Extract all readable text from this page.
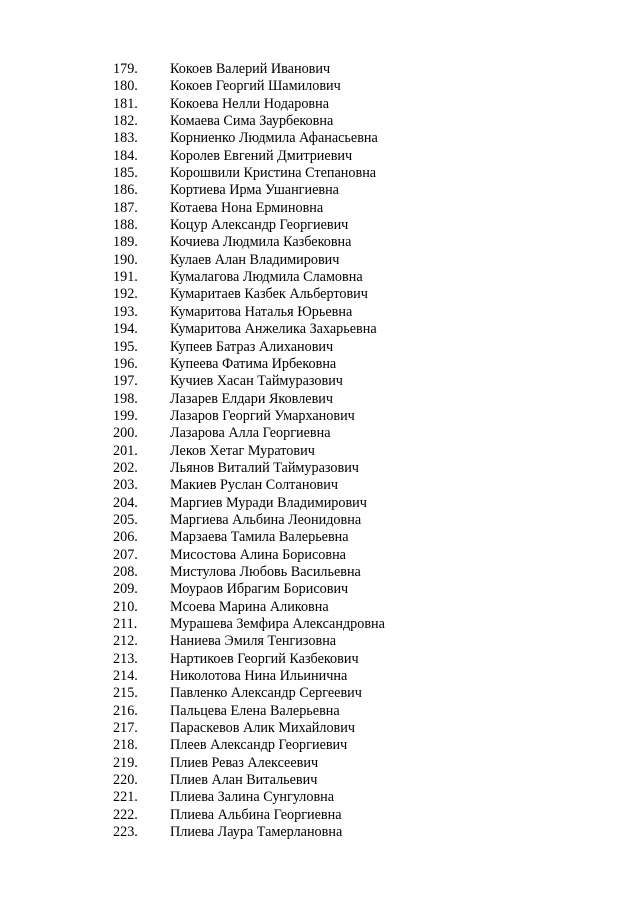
179. Кокоев Валерий Иванович
180. Кокоев Георгий Шамилович
181. Кокоева Нелли Нодаровна
182. Комаева Сима Заурбековна
183. Корниенко Людмила Афанасьевна
184. Королев Евгений Дмитриевич
185. Корошвили Кристина Степановна
186. Кортиева Ирма Ушангиевна
187. Котаева Нона Ерминовна
188. Коцур Александр Георгиевич
189. Кочиева Людмила Казбековна
190. Кулаев Алан Владимирович
191. Кумалагова Людмила Сламовна
192. Кумаритаев Казбек Альбертович
193. Кумаритова Наталья Юрьевна
194. Кумаритова Анжелика Захарьевна
195. Купеев Батраз Алиханович
196. Купеева Фатима Ирбековна
197. Кучиев Хасан Таймуразович
198. Лазарев Елдари Яковлевич
199. Лазаров Георгий Умарханович
200. Лазарова Алла Георгиевна
201. Леков Хетаг Муратович
202. Льянов Виталий Таймуразович
203. Макиев Руслан Солтанович
204. Маргиев Муради Владимирович
205. Маргиева Альбина Леонидовна
206. Марзаева Тамила Валерьевна
207. Мисостова Алина Борисовна
208. Мистулова Любовь Васильевна
209. Моураов Ибрагим Борисович
210. Мсоева Марина Аликовна
211. Мурашева Земфира Александровна
212. Наниева Эмиля Тенгизовна
213. Нартикоев Георгий Казбекович
214. Николотова Нина Ильинична
215. Павленко Александр Сергеевич
216. Пальцева Елена Валерьевна
217. Параскевов Алик Михайлович
218. Плеев Александр Георгиевич
219. Плиев Реваз Алексеевич
220. Плиев Алан Витальевич
221. Плиева Залина Сунгуловна
222. Плиева Альбина Георгиевна
223. Плиева Лаура Тамерлановна
